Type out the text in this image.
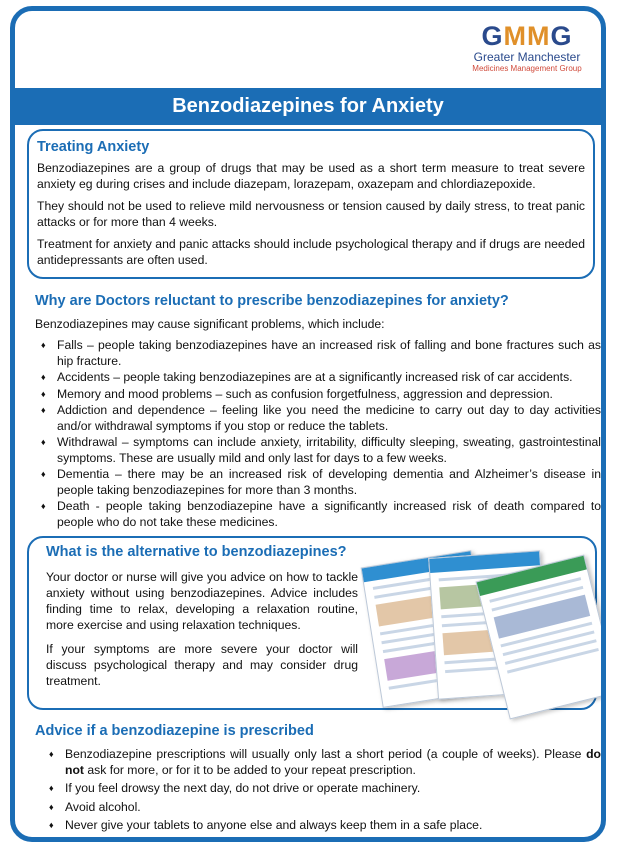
GMMG
Greater Manchester
Medicines Management Group
Benzodiazepines for Anxiety
Treating Anxiety

Benzodiazepines are a group of drugs that may be used as a short term measure to treat severe anxiety eg during crises and include diazepam, lorazepam, oxazepam and chlordiazepoxide.

They should not be used to relieve mild nervousness or tension caused by daily stress, to treat panic attacks or for more than 4 weeks.

Treatment for anxiety and panic attacks should include psychological therapy and if drugs are needed antidepressants are often used.

Why are Doctors reluctant to prescribe benzodiazepines for anxiety?

Benzodiazepines may cause significant problems, which include:

♦ Falls – people taking benzodiazepines have an increased risk of falling and bone fractures such as hip fracture.
♦ Accidents – people taking benzodiazepines are at a significantly increased risk of car accidents.
♦ Memory and mood problems – such as confusion forgetfulness, aggression and depression.
♦ Addiction and dependence – feeling like you need the medicine to carry out day to day activities and/or withdrawal symptoms if you stop or reduce the tablets.
♦ Withdrawal – symptoms can include anxiety, irritability, difficulty sleeping, sweating, gastrointestinal symptoms. These are usually mild and only last for days to a few weeks.
♦ Dementia – there may be an increased risk of developing dementia and Alzheimer’s disease in people taking benzodiazepines for more than 3 months.
♦ Death - people taking benzodiazepine have a significantly increased risk of death compared to people who do not take these medicines.
What is the alternative to benzodiazepines?

Your doctor or nurse will give you advice on how to tackle anxiety without using benzodiazepines. Advice includes finding time to relax, developing a relaxation routine, more exercise and using relaxation techniques.

If your symptoms are more severe your doctor will discuss psychological therapy and may consider drug treatment.

Advice if a benzodiazepine is prescribed
♦ Benzodiazepine prescriptions will usually only last a short period (a couple of weeks). Please do not ask for more, or for it to be added to your repeat prescription.
♦ If you feel drowsy the next day, do not drive or operate machinery.
♦ Avoid alcohol.
♦ Never give your tablets to anyone else and always keep them in a safe place.
